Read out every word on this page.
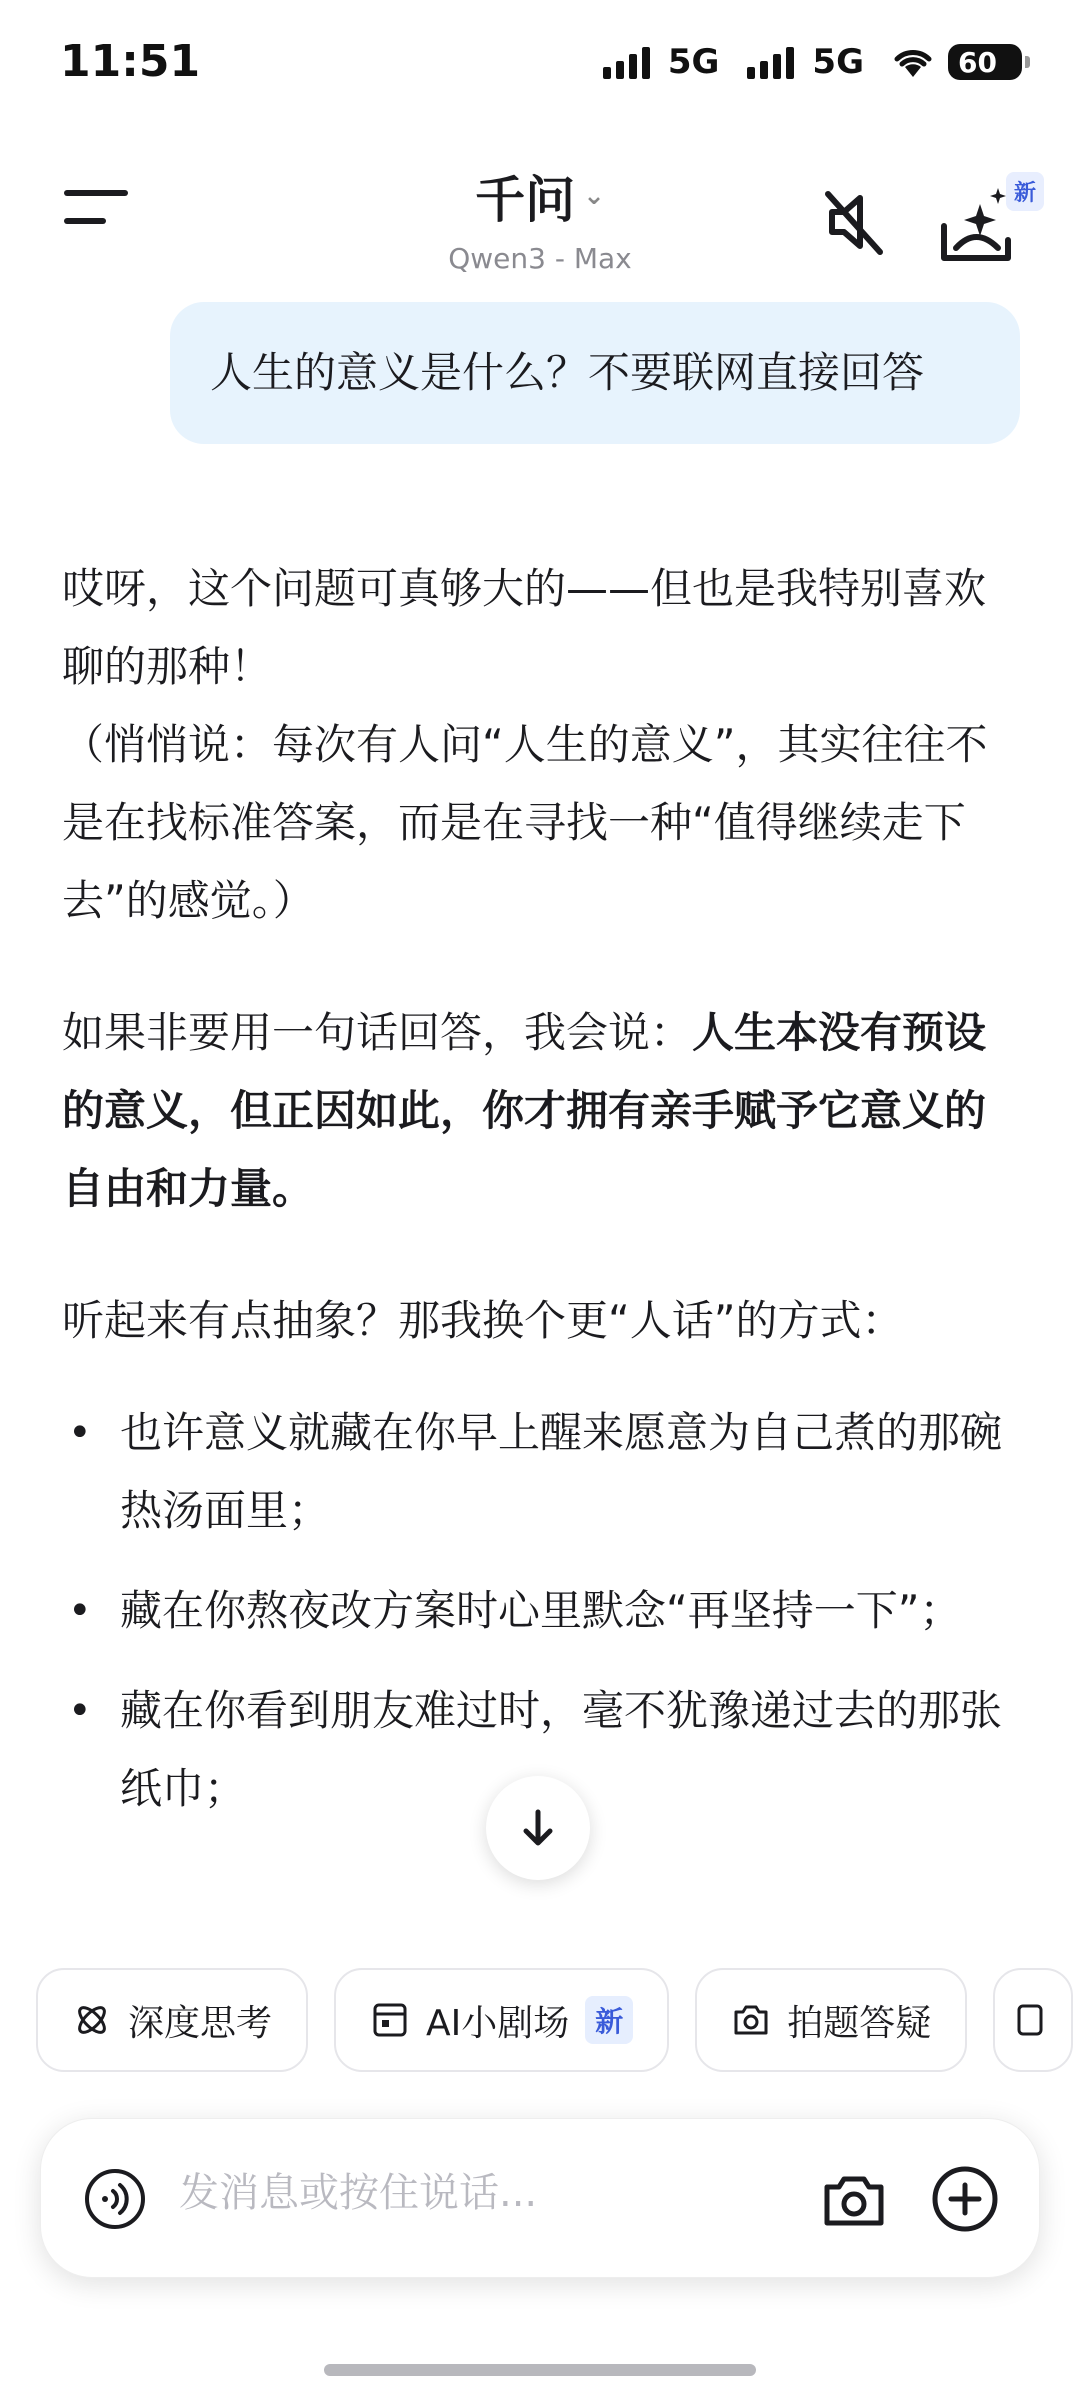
11:51	5G	5G	60
千问 ⌄
Qwen3 - Max
新
人生的意义是什么？不要联网直接回答

哎呀，这个问题可真够大的——但也是我特别喜欢聊的那种！

（悄悄说：每次有人问“人生的意义”，其实往往不是在找标准答案，而是在寻找一种“值得继续走下去”的感觉。）

如果非要用一句话回答，我会说：人生本没有预设的意义，但正因如此，你才拥有亲手赋予它意义的自由和力量。

听起来有点抽象？那我换个更“人话”的方式：

• 也许意义就藏在你早上醒来愿意为自己煮的那碗热汤面里；
• 藏在你熬夜改方案时心里默念“再坚持一下”；
• 藏在你看到朋友难过时，毫不犹豫递过去的那张纸巾；
深度思考	AI小剧场 新	拍题答疑
发消息或按住说话...
